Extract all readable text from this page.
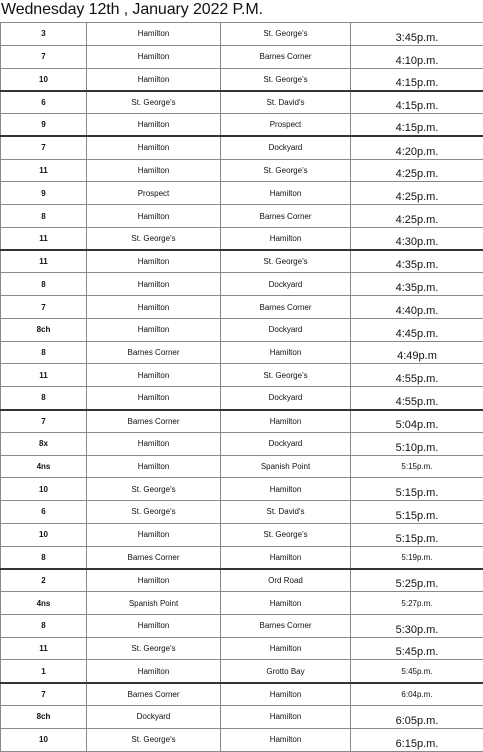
Wednesday 12th , January 2022 P.M.
3	Hamilton	St. George's	3:45p.m.
7	Hamilton	Barnes Corner	4:10p.m.
10	Hamilton	St. George's	4:15p.m.
6	St. George's	St. David's	4:15p.m.
9	Hamilton	Prospect	4:15p.m.
7	Hamilton	Dockyard	4:20p.m.
11	Hamilton	St. George's	4:25p.m.
9	Prospect	Hamilton	4:25p.m.
8	Hamilton	Barnes Corner	4:25p.m.
11	St. George's	Hamilton	4:30p.m.
11	Hamilton	St. George's	4:35p.m.
8	Hamilton	Dockyard	4:35p.m.
7	Hamilton	Barnes Corner	4:40p.m.
8ch	Hamilton	Dockyard	4:45p.m.
8	Barnes Corner	Hamilton	4:49p.m
11	Hamilton	St. George's	4:55p.m.
8	Hamilton	Dockyard	4:55p.m.
7	Barnes Corner	Hamilton	5:04p.m.
8x	Hamilton	Dockyard	5:10p.m.
4ns	Hamilton	Spanish Point	5:15p.m.
10	St. George's	Hamilton	5:15p.m.
6	St. George's	St. David's	5:15p.m.
10	Hamilton	St. George's	5:15p.m.
8	Barnes Corner	Hamilton	5:19p.m.
2	Hamilton	Ord Road	5:25p.m.
4ns	Spanish Point	Hamilton	5:27p.m.
8	Hamilton	Barnes Corner	5:30p.m.
11	St. George's	Hamilton	5:45p.m.
1	Hamilton	Grotto Bay	5:45p.m.
7	Barnes Corner	Hamilton	6:04p.m.
8ch	Dockyard	Hamilton	6:05p.m.
10	St. George's	Hamilton	6:15p.m.
